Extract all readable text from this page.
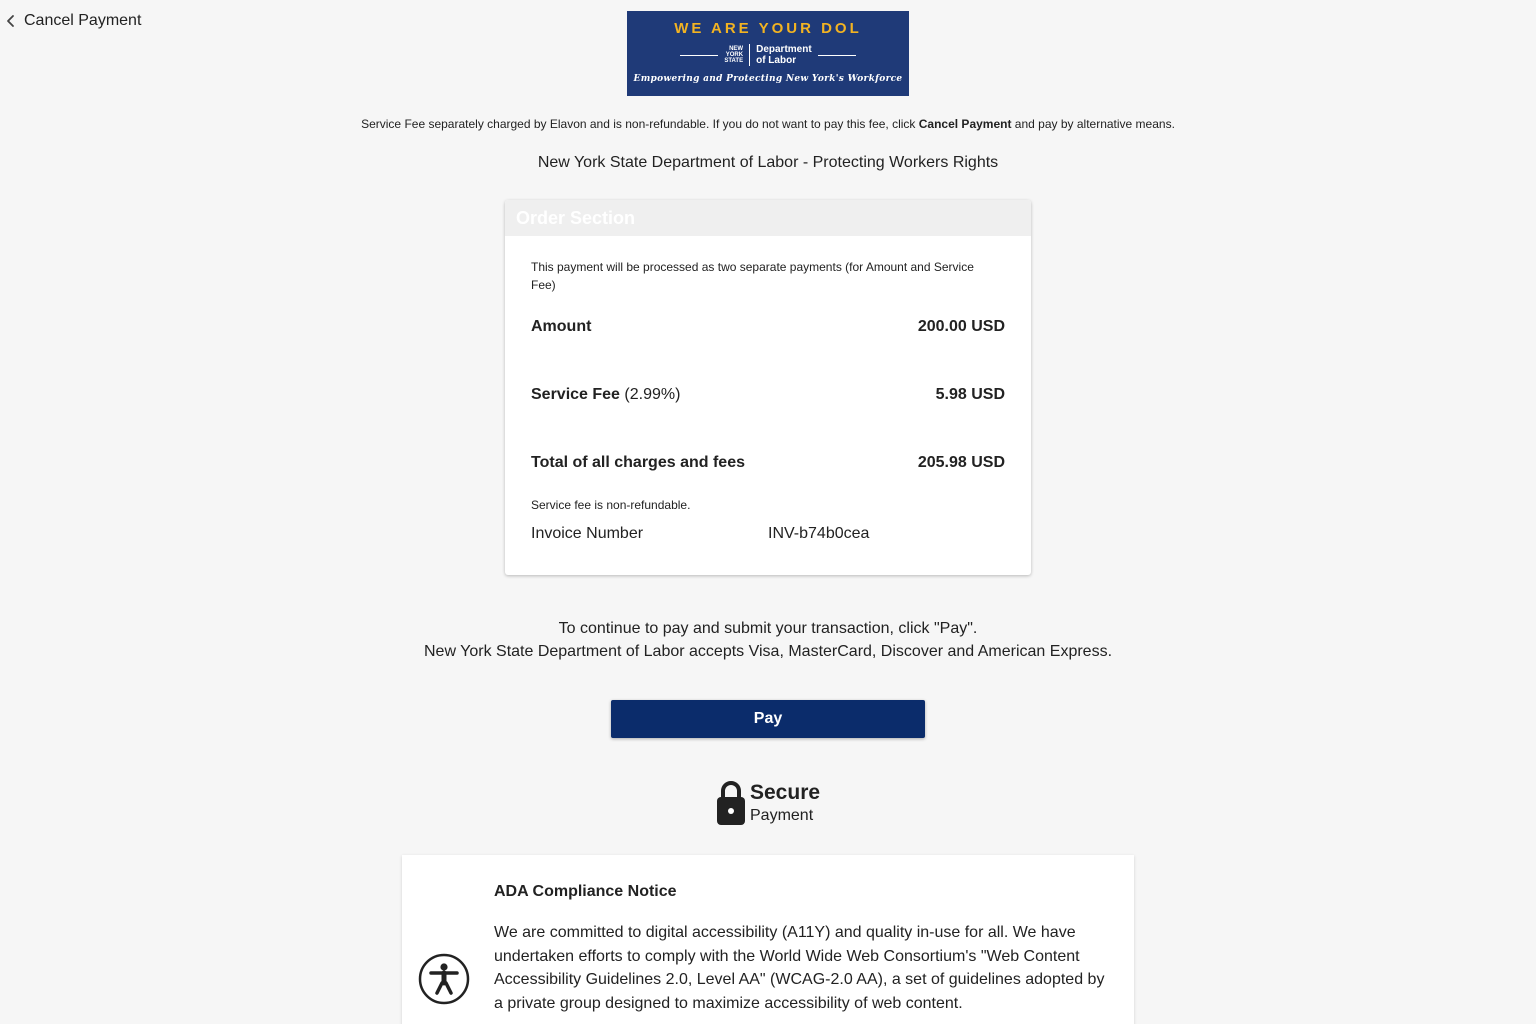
Cancel Payment	WE ARE YOUR DOL
NEW
YORK
STATE
Department
of Labor
Empowering and Protecting New York's Workforce
Service Fee separately charged by Elavon and is non-refundable. If you do not want to pay this fee, click Cancel Payment and pay by alternative means.
New York State Department of Labor - Protecting Workers Rights
Order Section
This payment will be processed as two separate payments (for Amount and Service Fee)
Amount	200.00 USD
Service Fee (2.99%)	5.98 USD
Total of all charges and fees	205.98 USD
Service fee is non-refundable.
Invoice Number	INV-b74b0cea
To continue to pay and submit your transaction, click "Pay".
New York State Department of Labor accepts Visa, MasterCard, Discover and American Express.
Pay
Secure
Payment
ADA Compliance Notice
We are committed to digital accessibility (A11Y) and quality in-use for all. We have undertaken efforts to comply with the World Wide Web Consortium's "Web Content Accessibility Guidelines 2.0, Level AA" (WCAG-2.0 AA), a set of guidelines adopted by a private group designed to maximize accessibility of web content.
